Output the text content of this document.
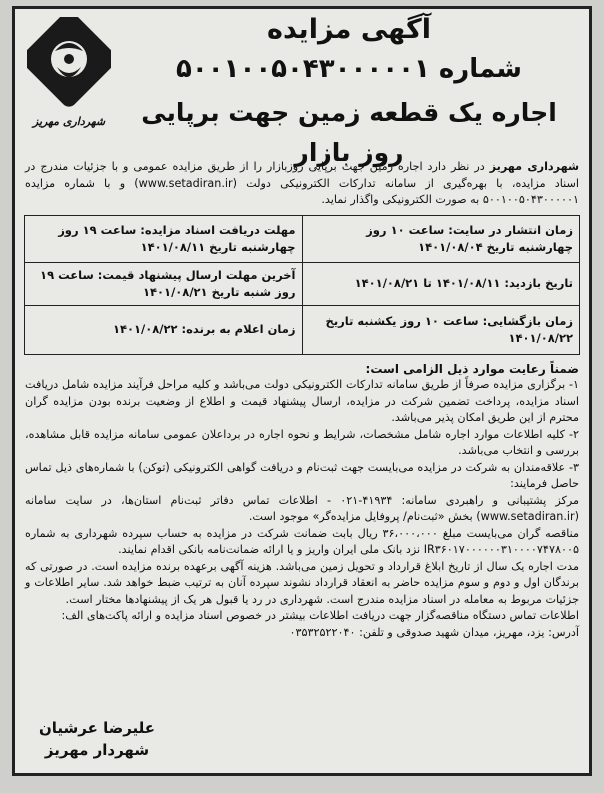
شهرداری مهریز
آگهی مزایده
شماره ۵۰۰۱۰۰۵۰۴۳۰۰۰۰۰۱
اجاره یک قطعه زمین جهت برپایی روز بازار	شهرداری مهریز در نظر دارد اجاره زمین جهت برپایی روزبازار را از طریق مزایده عمومی و با جزئیات مندرج در اسناد مزایده، با بهره‌گیری از سامانه تدارکات الکترونیکی دولت (www.setadiran.ir) و با شماره مزایده ۵۰۰۱۰۰۵۰۴۳۰۰۰۰۰۱ به صورت الکترونیکی واگذار نماید.
زمان انتشار در سایت: ساعت ۱۰ روز چهارشنبه تاریخ ۱۴۰۱/۰۸/۰۴	مهلت دریافت اسناد مزایده: ساعت ۱۹ روز چهارشنبه تاریخ ۱۴۰۱/۰۸/۱۱
تاریخ بازدید: ۱۴۰۱/۰۸/۱۱ تا ۱۴۰۱/۰۸/۲۱	آخرین مهلت ارسال پیشنهاد قیمت: ساعت ۱۹ روز شنبه تاریخ ۱۴۰۱/۰۸/۲۱
زمان بازگشایی: ساعت ۱۰ روز یکشنبه تاریخ ۱۴۰۱/۰۸/۲۲	زمان اعلام به برنده: ۱۴۰۱/۰۸/۲۲
ضمناً رعایت موارد ذیل الزامی است:
۱- برگزاری مزایده صرفاً از طریق سامانه تدارکات الکترونیکی دولت می‌باشد و کلیه مراحل فرآیند مزایده شامل دریافت اسناد مزایده، پرداخت تضمین شرکت در مزایده، ارسال پیشنهاد قیمت و اطلاع از وضعیت برنده بودن مزایده گران محترم از این طریق امکان پذیر می‌باشد.
۲- کلیه اطلاعات موارد اجاره شامل مشخصات، شرایط و نحوه اجاره در برداعلان عمومی سامانه مزایده قابل مشاهده، بررسی و انتخاب می‌باشد.
۳- علاقه‌مندان به شرکت در مزایده می‌بایست جهت ثبت‌نام و دریافت گواهی الکترونیکی (توکن) با شماره‌های ذیل تماس حاصل فرمایند:
مرکز پشتیبانی و راهبردی سامانه: ۴۱۹۳۴-۰۲۱ - اطلاعات تماس دفاتر ثبت‌نام استان‌ها، در سایت سامانه (www.setadiran.ir) بخش «ثبت‌نام/ پروفایل مزایده‌گر» موجود است.
مناقصه گران می‌بایست مبلغ ۳۶،۰۰۰،۰۰۰ ریال بابت ضمانت شرکت در مزایده به حساب سپرده شهرداری به شماره IR۳۶۰۱۷۰۰۰۰۰۰۳۱۰۰۰۰۷۴۷۸۰۰۵ نزد بانک ملی ایران واریز و یا ارائه ضمانت‌نامه بانکی اقدام نمایند.
مدت اجاره یک سال از تاریخ ابلاغ قرارداد و تحویل زمین می‌باشد. هزینه آگهی برعهده برنده مزایده است. در صورتی که برندگان اول و دوم و سوم مزایده حاضر به انعقاد قرارداد نشوند سپرده آنان به ترتیب ضبط خواهد شد. سایر اطلاعات و جزئیات مربوط به معامله در اسناد مزایده مندرج است. شهرداری در رد یا قبول هر یک از پیشنهادها مختار است.
اطلاعات تماس دستگاه مناقصه‌گزار جهت دریافت اطلاعات بیشتر در خصوص اسناد مزایده و ارائه پاکت‌های الف:
آدرس: یزد، مهریز، میدان شهید صدوقی و تلفن: ۰۳۵۳۲۵۲۲۰۴۰
علیرضا عرشیان
شهردار مهریز
